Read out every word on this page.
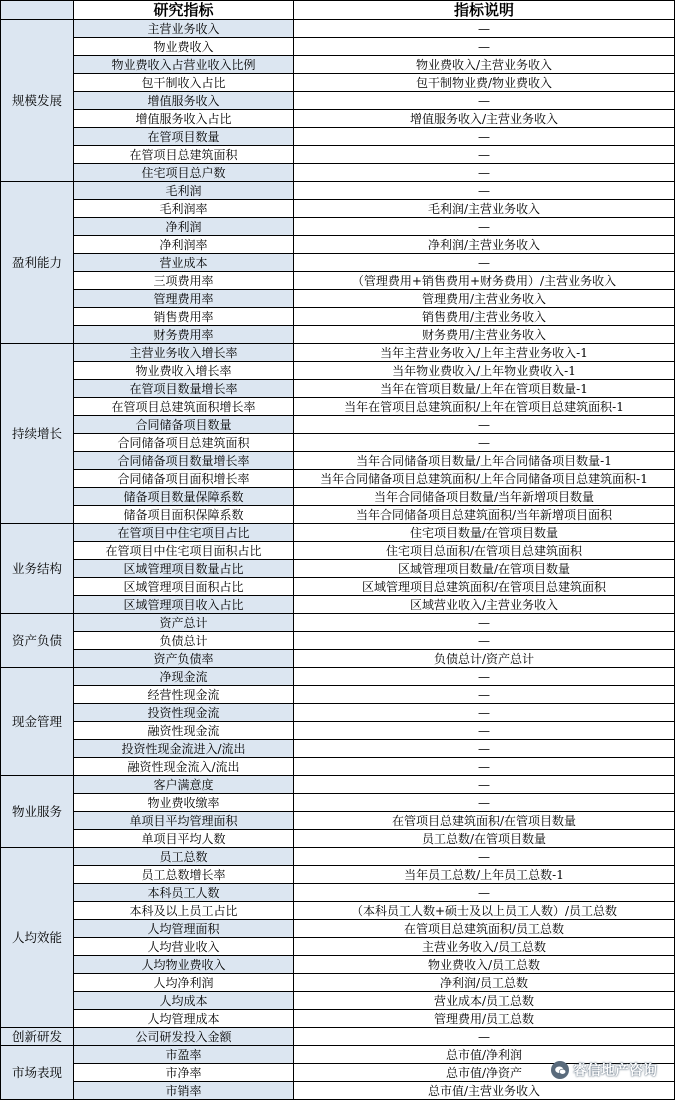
	研究指标	指标说明
规模发展	主营业务收入	—
	物业费收入	—
	物业费收入占营业收入比例	物业费收入/主营业务收入
	包干制收入占比	包干制物业费/物业费收入
	增值服务收入	—
	增值服务收入占比	增值服务收入/主营业务收入
	在管项目数量	—
	在管项目总建筑面积	—
	住宅项目总户数	—
盈利能力	毛利润	—
	毛利润率	毛利润/主营业务收入
	净利润	—
	净利润率	净利润/主营业务收入
	营业成本	—
	三项费用率	（管理费用+销售费用+财务费用）/主营业务收入
	管理费用率	管理费用/主营业务收入
	销售费用率	销售费用/主营业务收入
	财务费用率	财务费用/主营业务收入
持续增长	主营业务收入增长率	当年主营业务收入/上年主营业务收入-1
	物业费收入增长率	当年物业费收入/上年物业费收入-1
	在管项目数量增长率	当年在管项目数量/上年在管项目数量-1
	在管项目总建筑面积增长率	当年在管项目总建筑面积/上年在管项目总建筑面积-1
	合同储备项目数量	—
	合同储备项目总建筑面积	—
	合同储备项目数量增长率	当年合同储备项目数量/上年合同储备项目数量-1
	合同储备项目面积增长率	当年合同储备项目总建筑面积/上年合同储备项目总建筑面积-1
	储备项目数量保障系数	当年合同储备项目数量/当年新增项目数量
	储备项目面积保障系数	当年合同储备项目总建筑面积/当年新增项目面积
业务结构	在管项目中住宅项目占比	住宅项目数量/在管项目数量
	在管项目中住宅项目面积占比	住宅项目总面积/在管项目总建筑面积
	区域管理项目数量占比	区域管理项目数量/在管项目数量
	区域管理项目面积占比	区域管理项目总建筑面积/在管项目总建筑面积
	区域管理项目收入占比	区域营业收入/主营业务收入
资产负债	资产总计	—
	负债总计	—
	资产负债率	负债总计/资产总计
现金管理	净现金流	—
	经营性现金流	—
	投资性现金流	—
	融资性现金流	—
	投资性现金流进入/流出	—
	融资性现金流入/流出	—
物业服务	客户满意度	—
	物业费收缴率	—
	单项目平均管理面积	在管项目总建筑面积/在管项目数量
	单项目平均人数	员工总数/在管项目数量
人均效能	员工总数	—
	员工总数增长率	当年员工总数/上年员工总数-1
	本科员工人数	—
	本科及以上员工占比	（本科员工人数+硕士及以上员工人数）/员工总数
	人均管理面积	在管项目总建筑面积/员工总数
	人均营业收入	主营业务收入/员工总数
	人均物业费收入	物业费收入/员工总数
	人均净利润	净利润/员工总数
	人均成本	营业成本/员工总数
	人均管理成本	管理费用/员工总数
创新研发	公司研发投入金额	—
市场表现	市盈率	总市值/净利润
	市净率	总市值/净资产
	市销率	总市值/主营业务收入
睿信地产咨询
